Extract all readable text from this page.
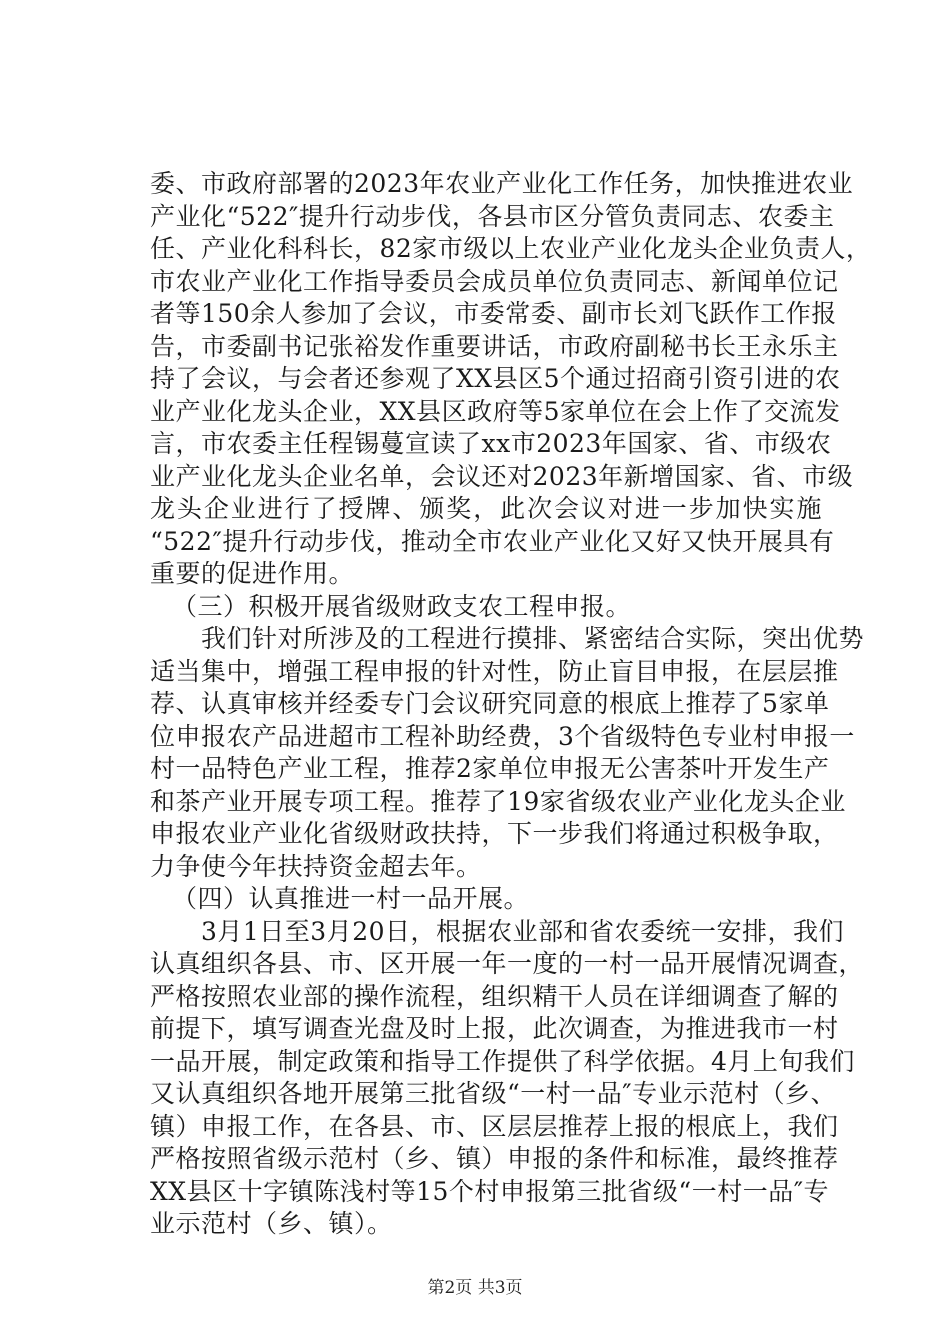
委、市政府部署的2023年农业产业化工作任务，加快推进农业
产业化“522″提升行动步伐，各县市区分管负责同志、农委主
任、产业化科科长，82家市级以上农业产业化龙头企业负责人，
市农业产业化工作指导委员会成员单位负责同志、新闻单位记
者等150余人参加了会议，市委常委、副市长刘飞跃作工作报
告，市委副书记张裕发作重要讲话，市政府副秘书长王永乐主
持了会议，与会者还参观了XX县区5个通过招商引资引进的农
业产业化龙头企业，XX县区政府等5家单位在会上作了交流发
言，市农委主任程锡蔓宣读了xx市2023年国家、省、市级农
业产业化龙头企业名单，会议还对2023年新增国家、省、市级
龙头企业进行了授牌、颁奖，此次会议对进一步加快实施
“522″提升行动步伐，推动全市农业产业化又好又快开展具有
重要的促进作用。
（三）积极开展省级财政支农工程申报。
　　我们针对所涉及的工程进行摸排、紧密结合实际，突出优势
适当集中，增强工程申报的针对性，防止盲目申报，在层层推
荐、认真审核并经委专门会议研究同意的根底上推荐了5家单
位申报农产品进超市工程补助经费，3个省级特色专业村申报一
村一品特色产业工程，推荐2家单位申报无公害茶叶开发生产
和茶产业开展专项工程。推荐了19家省级农业产业化龙头企业
申报农业产业化省级财政扶持，下一步我们将通过积极争取，
力争使今年扶持资金超去年。
（四）认真推进一村一品开展。
　　3月1日至3月20日，根据农业部和省农委统一安排，我们
认真组织各县、市、区开展一年一度的一村一品开展情况调查，
严格按照农业部的操作流程，组织精干人员在详细调查了解的
前提下，填写调查光盘及时上报，此次调查，为推进我市一村
一品开展，制定政策和指导工作提供了科学依据。4月上旬我们
又认真组织各地开展第三批省级“一村一品″专业示范村（乡、
镇）申报工作，在各县、市、区层层推荐上报的根底上，我们
严格按照省级示范村（乡、镇）申报的条件和标准，最终推荐
XX县区十字镇陈浅村等15个村申报第三批省级“一村一品″专
业示范村（乡、镇）。
第2页 共3页
